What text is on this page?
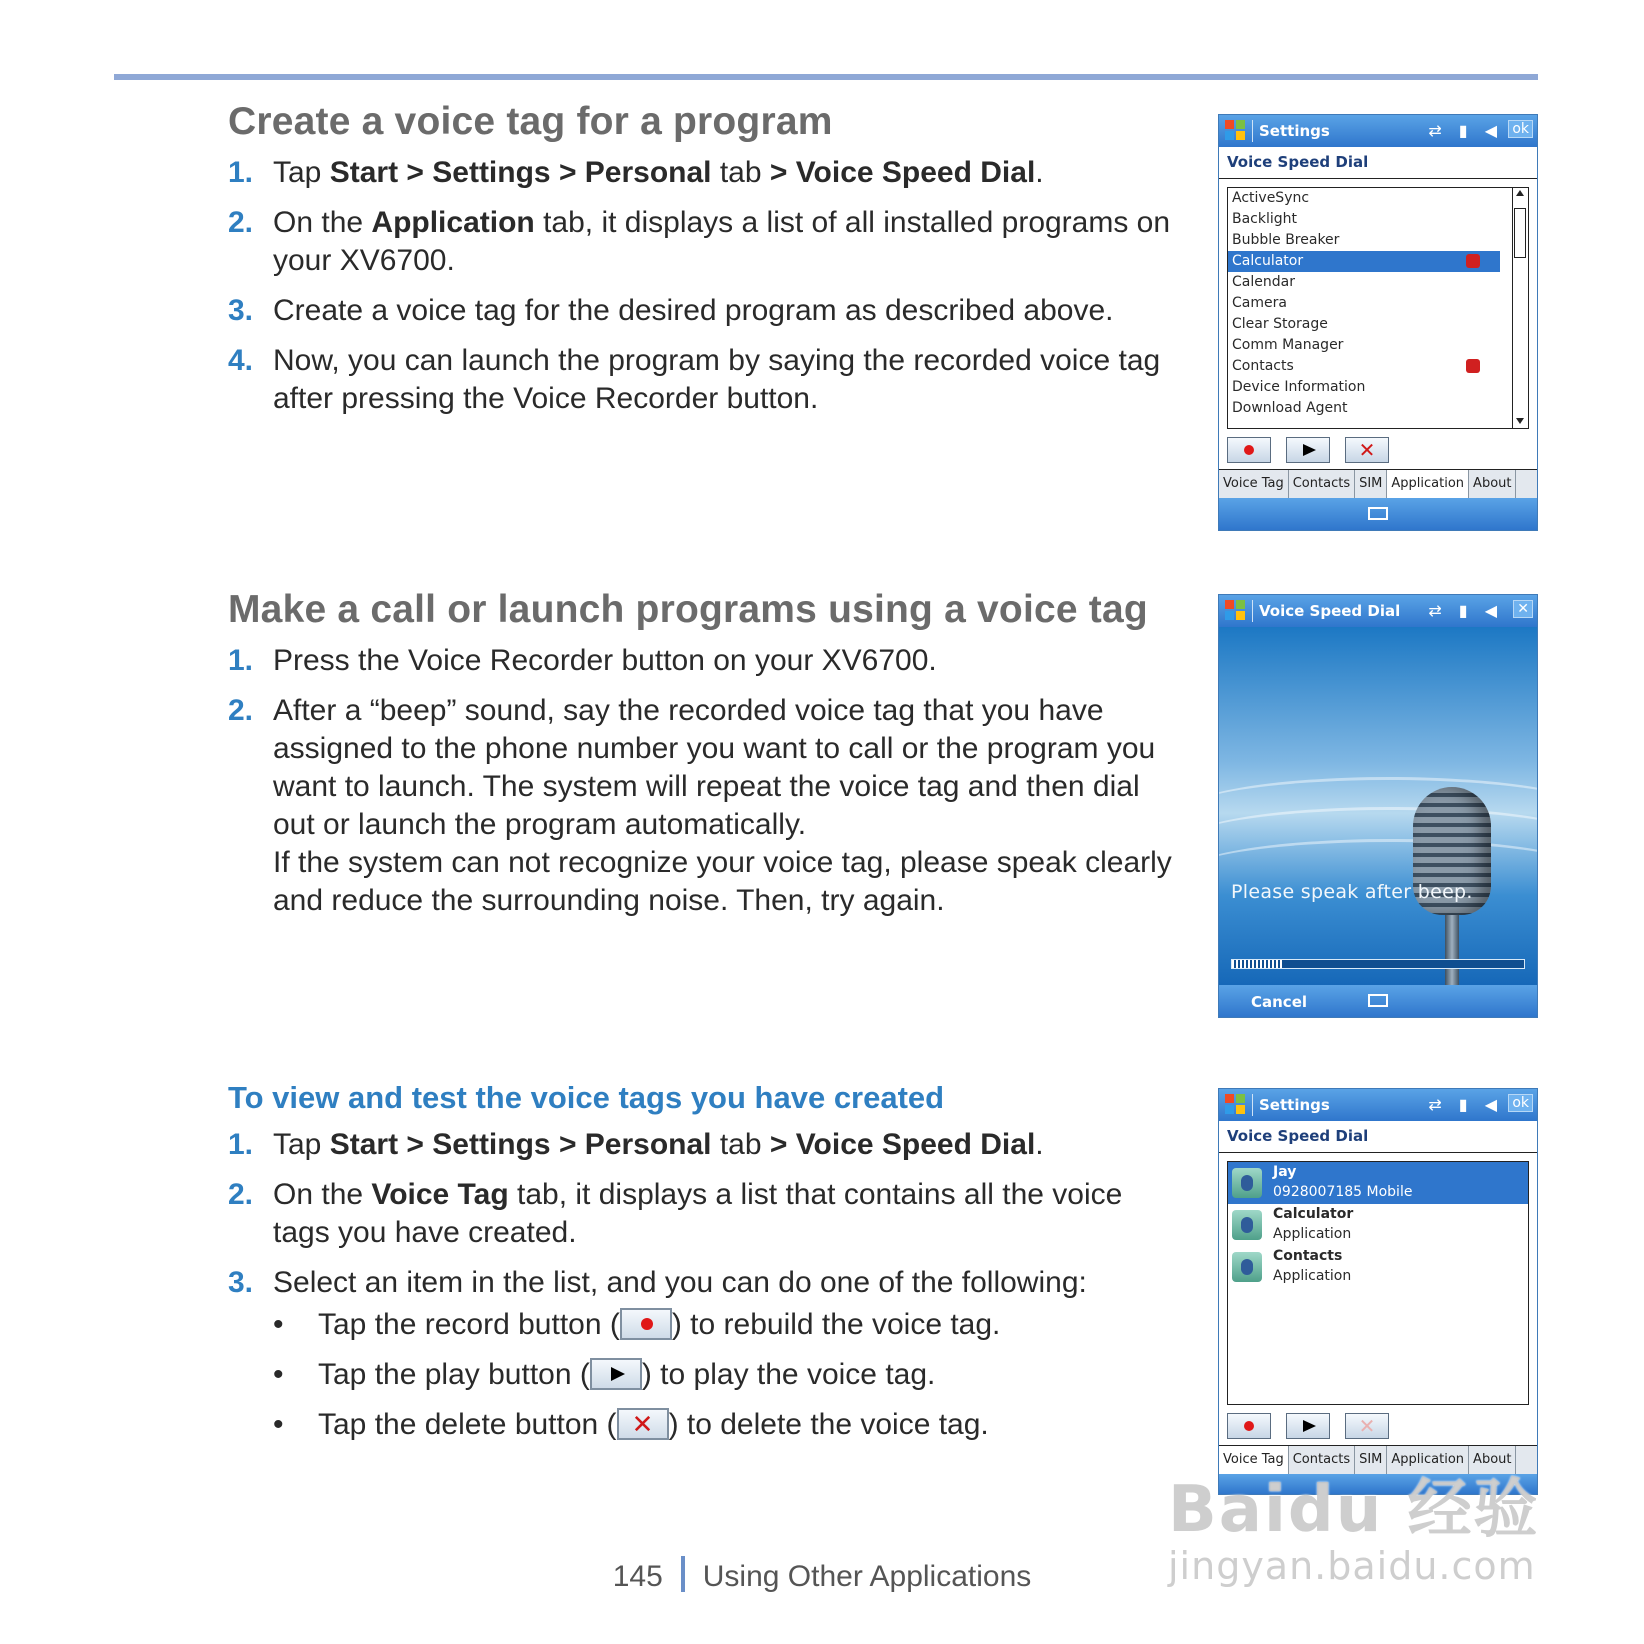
Create a voice tag for a program
1. Tap Start > Settings > Personal tab > Voice Speed Dial.
2. On the Application tab, it displays a list of all installed programs on your XV6700.
3. Create a voice tag for the desired program as described above.
4. Now, you can launch the program by saying the recorded voice tag after pressing the Voice Recorder button.
Make a call or launch programs using a voice tag
1. Press the Voice Recorder button on your XV6700.
2. After a “beep” sound, say the recorded voice tag that you have assigned to the phone number you want to call or the program you want to launch. The system will repeat the voice tag and then dial out or launch the program automatically.
If the system can not recognize your voice tag, please speak clearly and reduce the surrounding noise. Then, try again.
To view and test the voice tags you have created
1. Tap Start > Settings > Personal tab > Voice Speed Dial.
2. On the Voice Tag tab, it displays a list that contains all the voice tags you have created.
3. Select an item in the list, and you can do one of the following:
• Tap the record button ( ) to rebuild the voice tag.
• Tap the play button ( ) to play the voice tag.
• Tap the delete button ( ✕ ) to delete the voice tag.
Settings	⇄ ▮ ◀ ok
Voice Speed Dial
ActiveSync
Backlight
Bubble Breaker
Calculator
Calendar
Camera
Clear Storage
Comm Manager
Contacts
Device Information
Download Agent
✕
Voice Tag Contacts SIM Application About
Voice Speed Dial ⇄ ▮ ◀ ✕
Please speak after beep.
Cancel
Settings	⇄ ▮ ◀ ok
Voice Speed Dial
Jay
0928007185 Mobile
Calculator
Application
Contacts
Application
✕
Voice Tag Contacts SIM Application About
145 Using Other Applications
Baidu 经验
jingyan.baidu.com
